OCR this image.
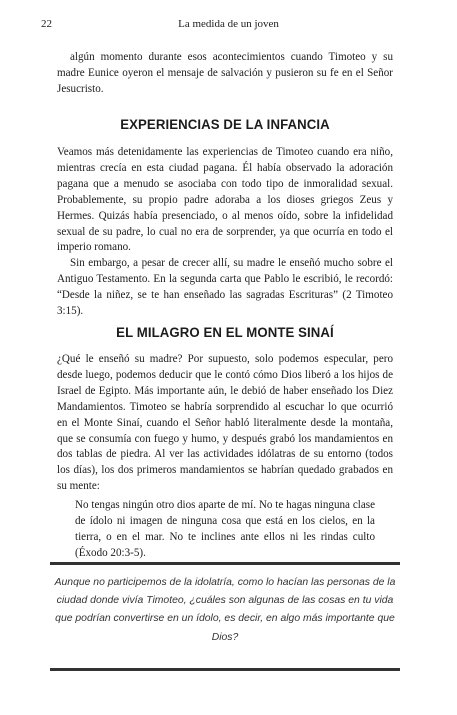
22	La medida de un joven

algún momento durante esos acontecimientos cuando Timoteo y su madre Eunice oyeron el mensaje de salvación y pusieron su fe en el Señor Jesucristo.

EXPERIENCIAS DE LA INFANCIA

Veamos más detenidamente las experiencias de Timoteo cuando era niño, mientras crecía en esta ciudad pagana. Él había observado la adoración pagana que a menudo se asociaba con todo tipo de inmoralidad sexual. Probablemente, su propio padre adoraba a los dioses griegos Zeus y Hermes. Quizás había presenciado, o al menos oído, sobre la infidelidad sexual de su padre, lo cual no era de sorprender, ya que ocurría en todo el imperio romano.

Sin embargo, a pesar de crecer allí, su madre le enseñó mucho sobre el Antiguo Testamento. En la segunda carta que Pablo le escribió, le recordó: “Desde la niñez, se te han enseñado las sagradas Escrituras” (2 Timoteo 3:15).

EL MILAGRO EN EL MONTE SINAÍ

¿Qué le enseñó su madre? Por supuesto, solo podemos especular, pero desde luego, podemos deducir que le contó cómo Dios liberó a los hijos de Israel de Egipto. Más importante aún, le debió de haber enseñado los Diez Mandamientos. Timoteo se habría sorprendido al escuchar lo que ocurrió en el Monte Sinaí, cuando el Señor habló literalmente desde la montaña, que se consumía con fuego y humo, y después grabó los mandamientos en dos tablas de piedra. Al ver las actividades idólatras de su entorno (todos los días), los dos primeros mandamientos se habrían quedado grabados en su mente:

No tengas ningún otro dios aparte de mí. No te hagas ninguna clase de ídolo ni imagen de ninguna cosa que está en los cielos, en la tierra, o en el mar. No te inclines ante ellos ni les rindas culto (Éxodo 20:3-5).

Aunque no participemos de la idolatría, como lo hacían las personas de la ciudad donde vivía Timoteo, ¿cuáles son algunas de las cosas en tu vida que podrían convertirse en un ídolo, es decir, en algo más importante que Dios?
